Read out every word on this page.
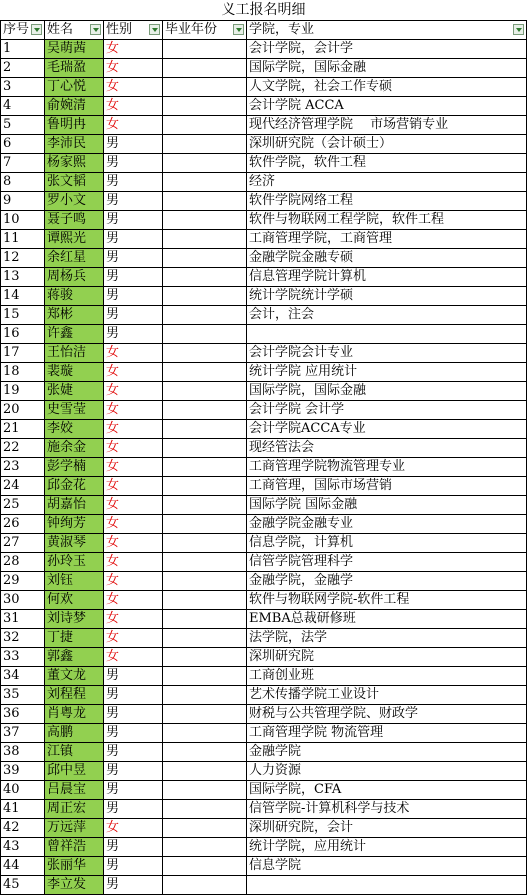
义工报名明细
序号	姓名	性别	毕业年份	学院，专业

1	吴萌茜	女		会计学院，会计学
2	毛瑞盈	女		国际学院，国际金融
3	丁心悦	女		人文学院，社会工作专硕
4	俞婉清	女		会计学院 ACCA
5	鲁明冉	女		现代经济管理学院　 市场营销专业
6	李沛民	男		深圳研究院（会计硕士）
7	杨家熙	男		软件学院，软件工程
8	张文韬	男		经济
9	罗小文	男		软件学院网络工程
10	聂子鸣	男		软件与物联网工程学院，软件工程
11	谭熙光	男		工商管理学院，工商管理
12	余红星	男		金融学院金融专硕
13	周杨兵	男		信息管理学院计算机
14	蒋骏	男		统计学院统计学硕
15	郑彬	男		会计，注会
16	许鑫	男		
17	王怡洁	女		会计学院会计专业
18	裴璇	女		统计学院 应用统计
19	张婕	女		国际学院，国际金融
20	史雪莹	女		会计学院 会计学
21	李姣	女		会计学院ACCA专业
22	施余金	女		现经管法会
23	彭学楠	女		工商管理学院物流管理专业
24	邱金花	女		工商管理，国际市场营销
25	胡嘉怡	女		国际学院 国际金融
26	钟绚芳	女		金融学院金融专业
27	黄淑琴	女		信息学院，计算机
28	孙玲玉	女		信管学院管理科学
29	刘钰	女		金融学院，金融学
30	何欢	女		软件与物联网学院-软件工程
31	刘诗梦	女		EMBA总裁研修班
32	丁捷	女		法学院，法学
33	郭鑫	女		深圳研究院
34	董文龙	男		工商创业班
35	刘程程	男		艺术传播学院工业设计
36	肖粤龙	男		财税与公共管理学院、财政学
37	高鹏	男		工商管理学院 物流管理
38	江镇	男		金融学院
39	邱中昱	男		人力资源
40	吕晨宝	男		国际学院，CFA
41	周正宏	男		信管学院-计算机科学与技术
42	万远萍	女		深圳研究院，会计
43	曾祥浩	男		统计学院，应用统计
44	张丽华	男		信息学院
45	李立发	男		
